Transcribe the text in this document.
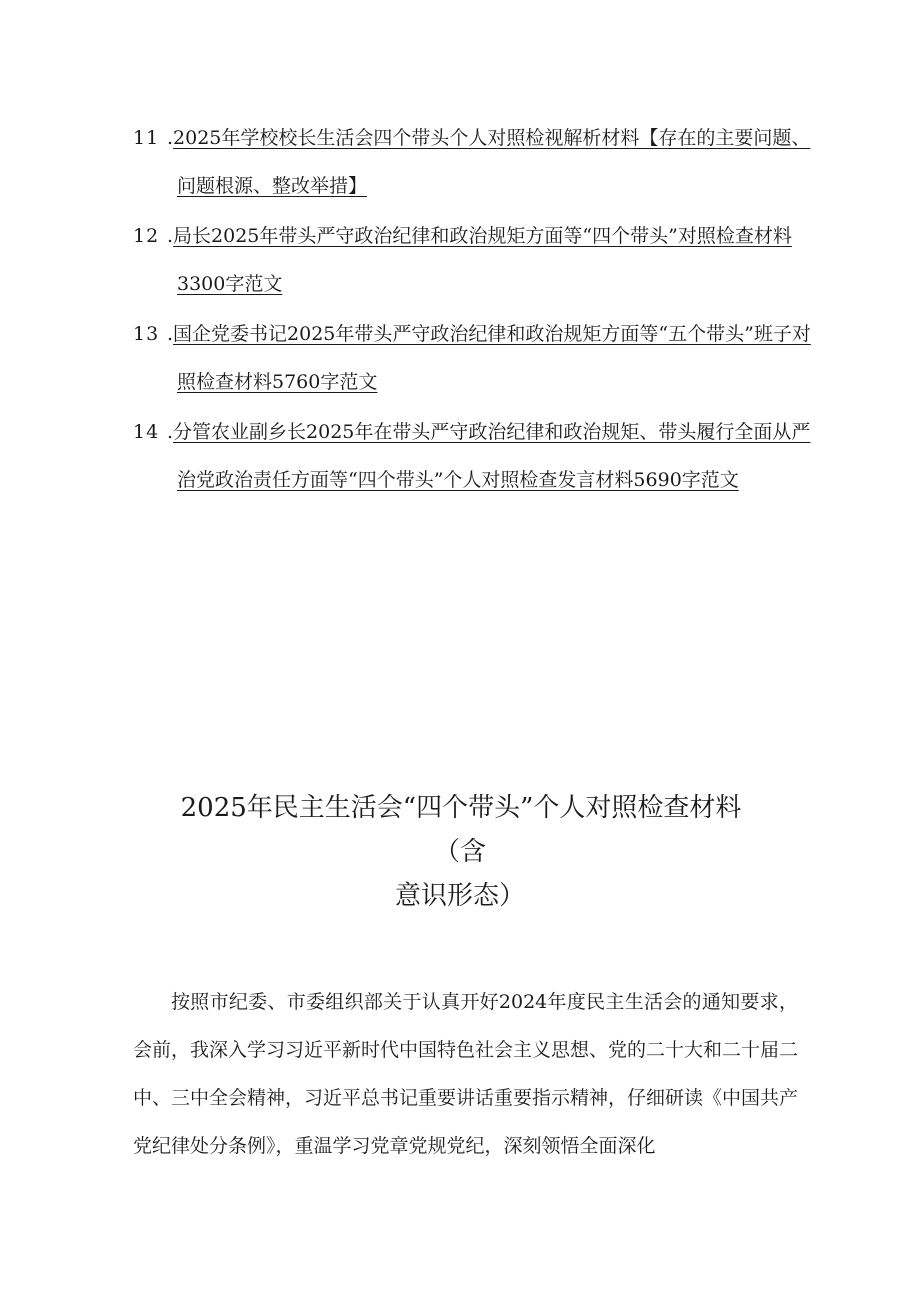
11 .2025年学校校长生活会四个带头个人对照检视解析材料【存在的主要问题、问题根源、整改举措】
12 .局长2025年带头严守政治纪律和政治规矩方面等“四个带头”对照检查材料3300字范文
13 .国企党委书记2025年带头严守政治纪律和政治规矩方面等“五个带头”班子对照检查材料5760字范文
14 .分管农业副乡长2025年在带头严守政治纪律和政治规矩、带头履行全面从严治党政治责任方面等“四个带头”个人对照检查发言材料5690字范文
2025年民主生活会“四个带头”个人对照检查材料
（含
意识形态）

按照市纪委、市委组织部关于认真开好2024年度民主生活会的通知要求，会前，我深入学习习近平新时代中国特色社会主义思想、党的二十大和二十届二中、三中全会精神，习近平总书记重要讲话重要指示精神，仔细研读《中国共产党纪律处分条例》，重温学习党章党规党纪，深刻领悟全面深化
